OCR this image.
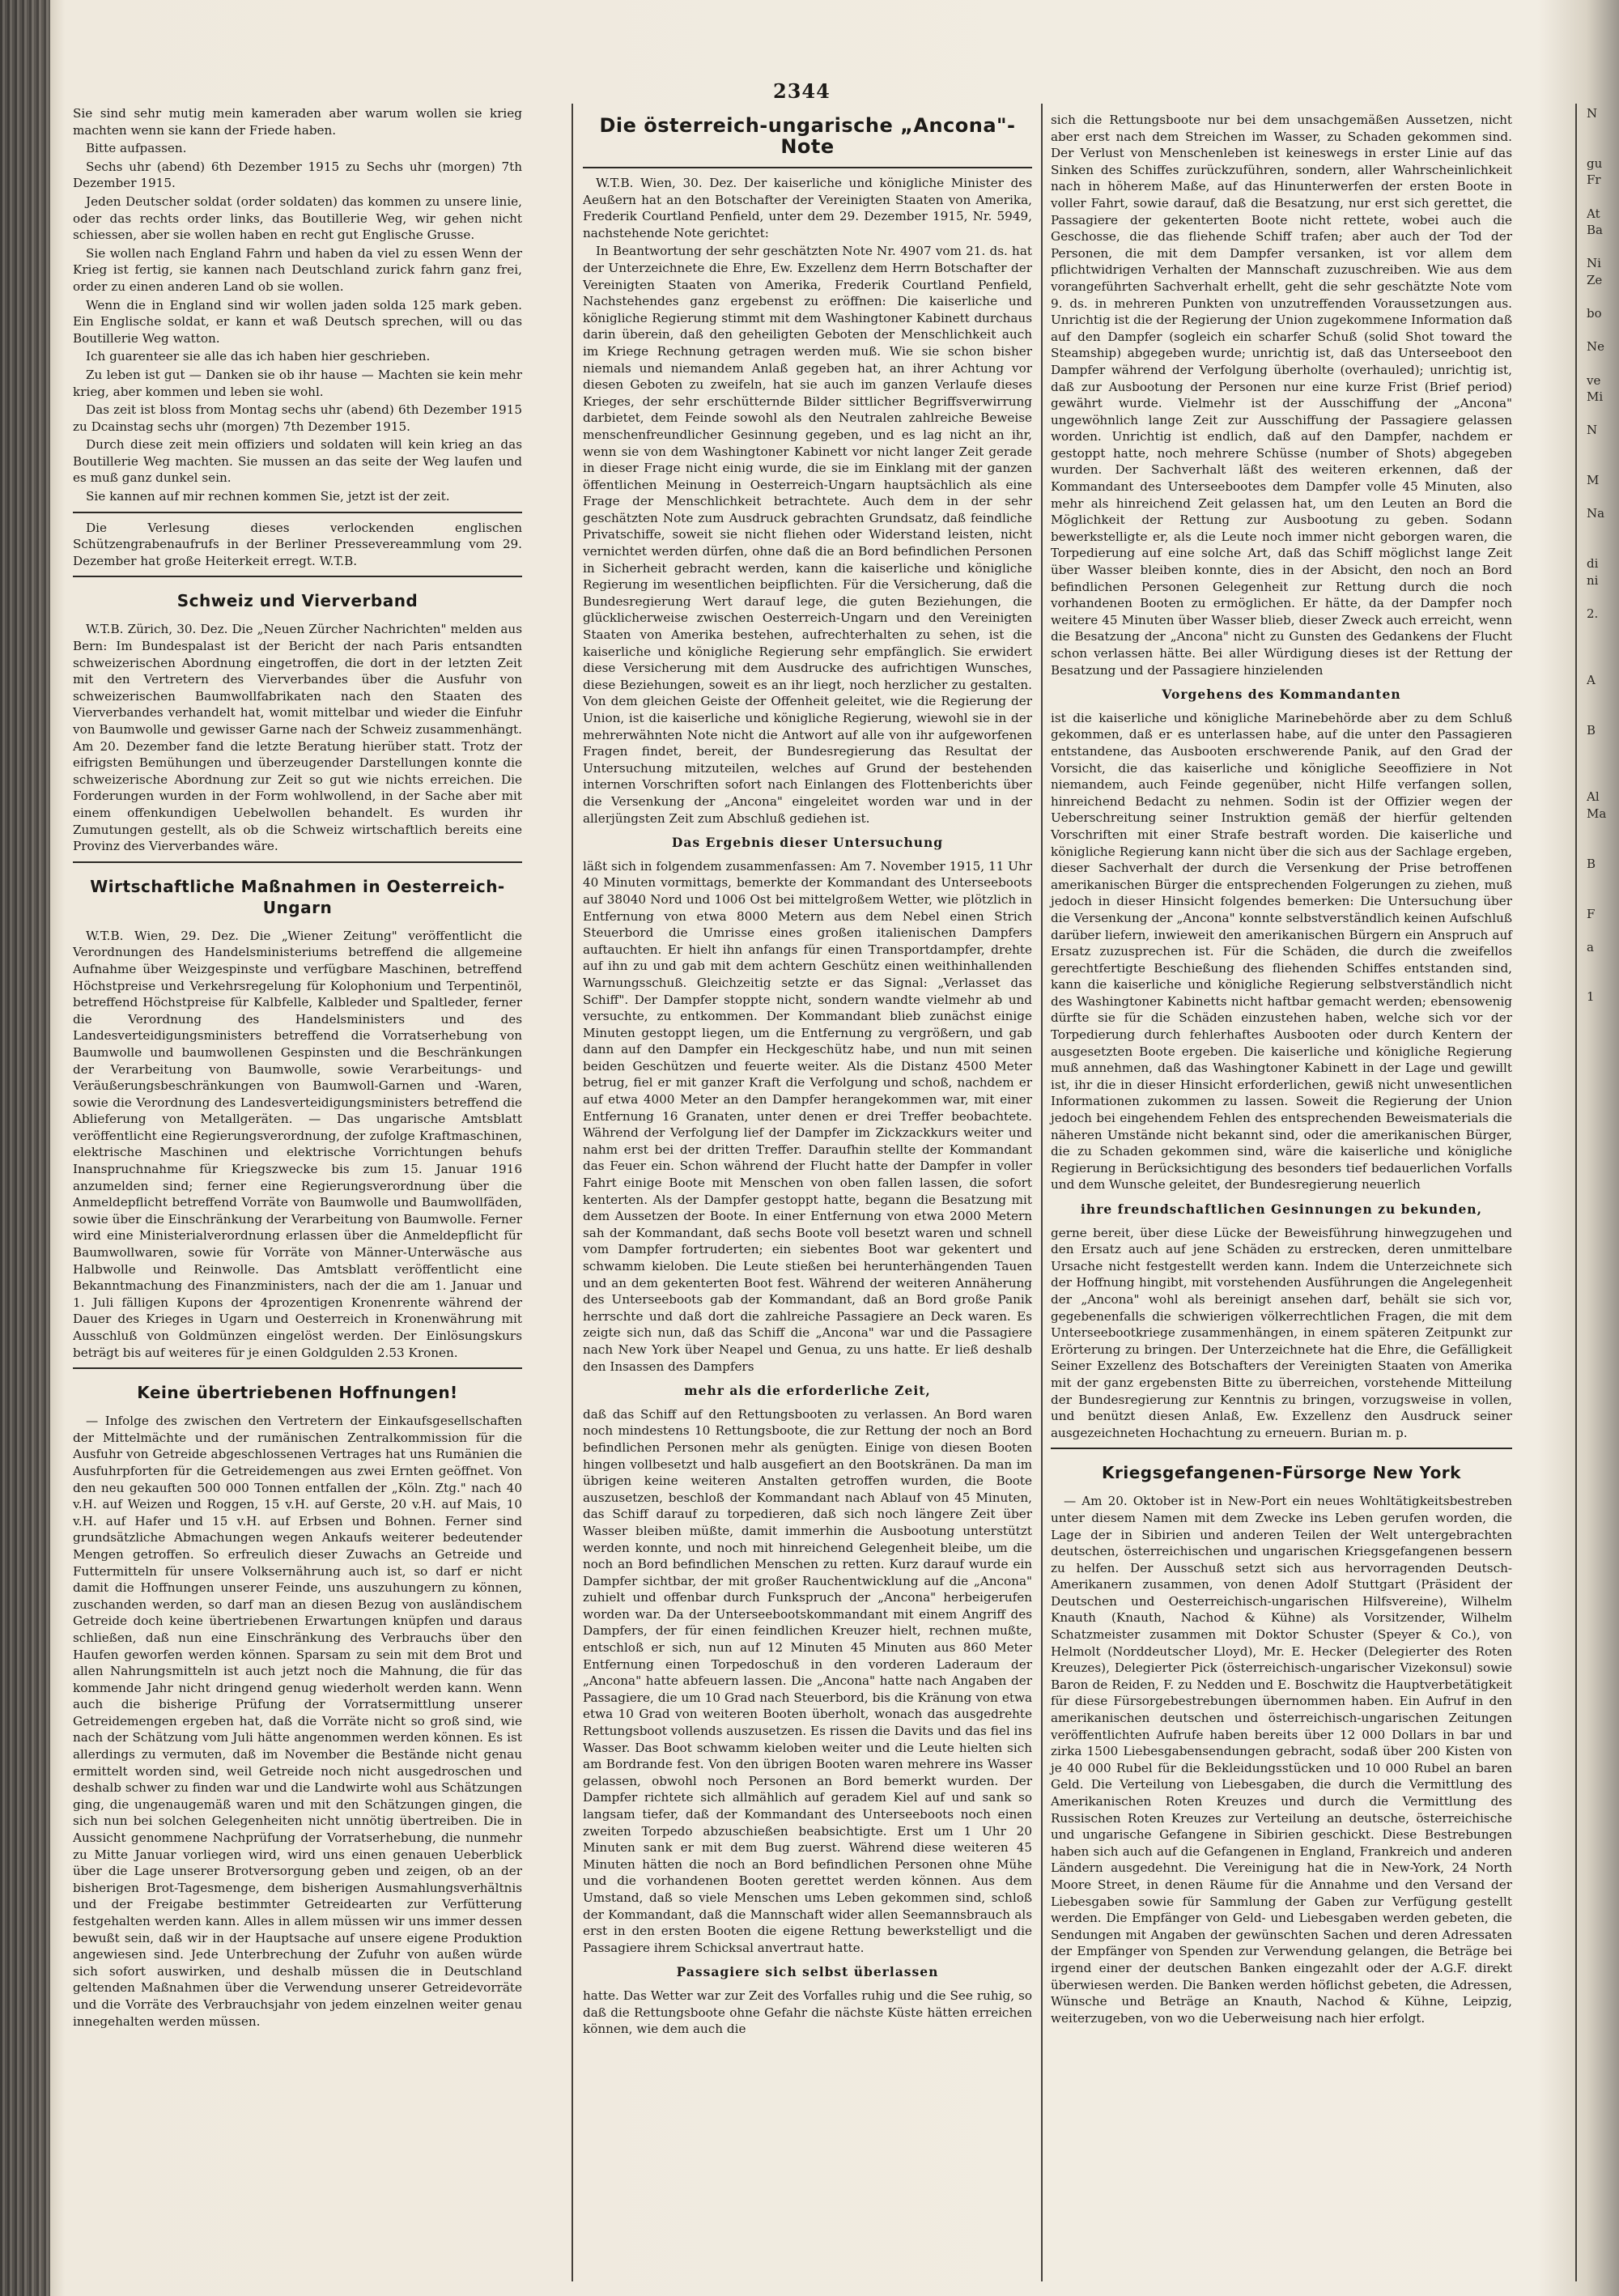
2344

Sie sind sehr mutig mein kameraden aber warum wollen sie krieg machten wenn sie kann der Friede haben.

Bitte aufpassen.

Sechs uhr (abend) 6th Dezember 1915 zu Sechs uhr (morgen) 7th Dezember 1915.

Jeden Deutscher soldat (order soldaten) das kommen zu unsere linie, oder das rechts order links, das Boutillerie Weg, wir gehen nicht schiessen, aber sie wollen haben en recht gut Englische Grusse.

Sie wollen nach England Fahrn und haben da viel zu essen Wenn der Krieg ist fertig, sie kannen nach Deutschland zurick fahrn ganz frei, order zu einen anderen Land ob sie wollen.

Wenn die in England sind wir wollen jaden solda 125 mark geben. Ein Englische soldat, er kann et waß Deutsch sprechen, will ou das Boutillerie Weg watton.

Ich guarenteer sie alle das ich haben hier geschrieben.

Zu leben ist gut — Danken sie ob ihr hause — Machten sie kein mehr krieg, aber kommen und leben sie wohl.

Das zeit ist bloss from Montag sechs uhr (abend) 6th Dezember 1915 zu Dcainstag sechs uhr (morgen) 7th Dezember 1915.

Durch diese zeit mein offiziers und soldaten will kein krieg an das Boutillerie Weg machten. Sie mussen an das seite der Weg laufen und es muß ganz dunkel sein.

Sie kannen auf mir rechnen kommen Sie, jetzt ist der zeit.

Die Verlesung dieses verlockenden englischen Schützengrabenaufrufs in der Berliner Pressevereammlung vom 29. Dezember hat große Heiterkeit erregt. W.T.B.

Schweiz und Vierverband

W.T.B. Zürich, 30. Dez. Die „Neuen Zürcher Nachrichten" melden aus Bern: Im Bundespalast ist der Bericht der nach Paris entsandten schweizerischen Abordnung eingetroffen, die dort in der letzten Zeit mit den Vertretern des Vierverbandes über die Ausfuhr von schweizerischen Baumwollfabrikaten nach den Staaten des Vierverbandes verhandelt hat, womit mittelbar und wieder die Einfuhr von Baumwolle und gewisser Garne nach der Schweiz zusammenhängt. Am 20. Dezember fand die letzte Beratung hierüber statt. Trotz der eifrigsten Bemühungen und überzeugender Darstellungen konnte die schweizerische Abordnung zur Zeit so gut wie nichts erreichen. Die Forderungen wurden in der Form wohlwollend, in der Sache aber mit einem offenkundigen Uebelwollen behandelt. Es wurden ihr Zumutungen gestellt, als ob die Schweiz wirtschaftlich bereits eine Provinz des Vierverbandes wäre.

Wirtschaftliche Maßnahmen in Oesterreich-Ungarn

W.T.B. Wien, 29. Dez. Die „Wiener Zeitung" veröffentlicht die Verordnungen des Handelsministeriums betreffend die allgemeine Aufnahme über Weizgespinste und verfügbare Maschinen, betreffend Höchstpreise und Verkehrsregelung für Kolophonium und Terpentinöl, betreffend Höchstpreise für Kalbfelle, Kalbleder und Spaltleder, ferner die Verordnung des Handelsministers und des Landesverteidigungsministers betreffend die Vorratserhebung von Baumwolle und baumwollenen Gespinsten und die Beschränkungen der Verarbeitung von Baumwolle, sowie Verarbeitungs- und Veräußerungsbeschränkungen von Baumwoll-Garnen und -Waren, sowie die Verordnung des Landesverteidigungsministers betreffend die Ablieferung von Metallgeräten. — Das ungarische Amtsblatt veröffentlicht eine Regierungsverordnung, der zufolge Kraftmaschinen, elektrische Maschinen und elektrische Vorrichtungen behufs Inanspruchnahme für Kriegszwecke bis zum 15. Januar 1916 anzumelden sind; ferner eine Regierungsverordnung über die Anmeldepflicht betreffend Vorräte von Baumwolle und Baumwollfäden, sowie über die Einschränkung der Verarbeitung von Baumwolle. Ferner wird eine Ministerialverordnung erlassen über die Anmeldepflicht für Baumwollwaren, sowie für Vorräte von Männer-Unterwäsche aus Halbwolle und Reinwolle. Das Amtsblatt veröffentlicht eine Bekanntmachung des Finanzministers, nach der die am 1. Januar und 1. Juli fälligen Kupons der 4prozentigen Kronenrente während der Dauer des Krieges in Ugarn und Oesterreich in Kronenwährung mit Ausschluß von Goldmünzen eingelöst werden. Der Einlösungskurs beträgt bis auf weiteres für je einen Goldgulden 2.53 Kronen.

Keine übertriebenen Hoffnungen!

— Infolge des zwischen den Vertretern der Einkaufsgesellschaften der Mittelmächte und der rumänischen Zentralkommission für die Ausfuhr von Getreide abgeschlossenen Vertrages hat uns Rumänien die Ausfuhrpforten für die Getreidemengen aus zwei Ernten geöffnet. Von den neu gekauften 500 000 Tonnen entfallen der „Köln. Ztg." nach 40 v.H. auf Weizen und Roggen, 15 v.H. auf Gerste, 20 v.H. auf Mais, 10 v.H. auf Hafer und 15 v.H. auf Erbsen und Bohnen. Ferner sind grundsätzliche Abmachungen wegen Ankaufs weiterer bedeutender Mengen getroffen. So erfreulich dieser Zuwachs an Getreide und Futtermitteln für unsere Volksernährung auch ist, so darf er nicht damit die Hoffnungen unserer Feinde, uns auszuhungern zu können, zuschanden werden, so darf man an diesen Bezug von ausländischem Getreide doch keine übertriebenen Erwartungen knüpfen und daraus schließen, daß nun eine Einschränkung des Verbrauchs über den Haufen geworfen werden können. Sparsam zu sein mit dem Brot und allen Nahrungsmitteln ist auch jetzt noch die Mahnung, die für das kommende Jahr nicht dringend genug wiederholt werden kann. Wenn auch die bisherige Prüfung der Vorratsermittlung unserer Getreidemengen ergeben hat, daß die Vorräte nicht so groß sind, wie nach der Schätzung vom Juli hätte angenommen werden können. Es ist allerdings zu vermuten, daß im November die Bestände nicht genau ermittelt worden sind, weil Getreide noch nicht ausgedroschen und deshalb schwer zu finden war und die Landwirte wohl aus Schätzungen ging, die ungenaugemäß waren und mit den Schätzungen gingen, die sich nun bei solchen Gelegenheiten nicht unnötig übertreiben. Die in Aussicht genommene Nachprüfung der Vorratserhebung, die nunmehr zu Mitte Januar vorliegen wird, wird uns einen genauen Ueberblick über die Lage unserer Brotversorgung geben und zeigen, ob an der bisherigen Brot-Tagesmenge, dem bisherigen Ausmahlungsverhältnis und der Freigabe bestimmter Getreidearten zur Verfütterung festgehalten werden kann. Alles in allem müssen wir uns immer dessen bewußt sein, daß wir in der Hauptsache auf unsere eigene Produktion angewiesen sind. Jede Unterbrechung der Zufuhr von außen würde sich sofort auswirken, und deshalb müssen die in Deutschland geltenden Maßnahmen über die Verwendung unserer Getreidevorräte und die Vorräte des Verbrauchsjahr von jedem einzelnen weiter genau innegehalten werden müssen.

Die österreich-ungarische „Ancona"-Note

W.T.B. Wien, 30. Dez. Der kaiserliche und königliche Minister des Aeußern hat an den Botschafter der Vereinigten Staaten von Amerika, Frederik Courtland Penfield, unter dem 29. Dezember 1915, Nr. 5949, nachstehende Note gerichtet:

In Beantwortung der sehr geschätzten Note Nr. 4907 vom 21. ds. hat der Unterzeichnete die Ehre, Ew. Exzellenz dem Herrn Botschafter der Vereinigten Staaten von Amerika, Frederik Courtland Penfield, Nachstehendes ganz ergebenst zu eröffnen: Die kaiserliche und königliche Regierung stimmt mit dem Washingtoner Kabinett durchaus darin überein, daß den geheiligten Geboten der Menschlichkeit auch im Kriege Rechnung getragen werden muß. Wie sie schon bisher niemals und niemandem Anlaß gegeben hat, an ihrer Achtung vor diesen Geboten zu zweifeln, hat sie auch im ganzen Verlaufe dieses Krieges, der sehr erschütternde Bilder sittlicher Begriffsverwirrung darbietet, dem Feinde sowohl als den Neutralen zahlreiche Beweise menschenfreundlicher Gesinnung gegeben, und es lag nicht an ihr, wenn sie von dem Washingtoner Kabinett vor nicht langer Zeit gerade in dieser Frage nicht einig wurde, die sie im Einklang mit der ganzen öffentlichen Meinung in Oesterreich-Ungarn hauptsächlich als eine Frage der Menschlichkeit betrachtete. Auch dem in der sehr geschätzten Note zum Ausdruck gebrachten Grundsatz, daß feindliche Privatschiffe, soweit sie nicht fliehen oder Widerstand leisten, nicht vernichtet werden dürfen, ohne daß die an Bord befindlichen Personen in Sicherheit gebracht werden, kann die kaiserliche und königliche Regierung im wesentlichen beipflichten. Für die Versicherung, daß die Bundesregierung Wert darauf lege, die guten Beziehungen, die glücklicherweise zwischen Oesterreich-Ungarn und den Vereinigten Staaten von Amerika bestehen, aufrechterhalten zu sehen, ist die kaiserliche und königliche Regierung sehr empfänglich. Sie erwidert diese Versicherung mit dem Ausdrucke des aufrichtigen Wunsches, diese Beziehungen, soweit es an ihr liegt, noch herzlicher zu gestalten. Von dem gleichen Geiste der Offenheit geleitet, wie die Regierung der Union, ist die kaiserliche und königliche Regierung, wiewohl sie in der mehrerwähnten Note nicht die Antwort auf alle von ihr aufgeworfenen Fragen findet, bereit, der Bundesregierung das Resultat der Untersuchung mitzuteilen, welches auf Grund der bestehenden internen Vorschriften sofort nach Einlangen des Flottenberichts über die Versenkung der „Ancona" eingeleitet worden war und in der allerjüngsten Zeit zum Abschluß gediehen ist.

Das Ergebnis dieser Untersuchung

läßt sich in folgendem zusammenfassen: Am 7. November 1915, 11 Uhr 40 Minuten vormittags, bemerkte der Kommandant des Unterseeboots auf 38040 Nord und 1006 Ost bei mittelgroßem Wetter, wie plötzlich in Entfernung von etwa 8000 Metern aus dem Nebel einen Strich Steuerbord die Umrisse eines großen italienischen Dampfers auftauchten. Er hielt ihn anfangs für einen Transportdampfer, drehte auf ihn zu und gab mit dem achtern Geschütz einen weithinhallenden Warnungsschuß. Gleichzeitig setzte er das Signal: „Verlasset das Schiff". Der Dampfer stoppte nicht, sondern wandte vielmehr ab und versuchte, zu entkommen. Der Kommandant blieb zunächst einige Minuten gestoppt liegen, um die Entfernung zu vergrößern, und gab dann auf den Dampfer ein Heckgeschütz habe, und nun mit seinen beiden Geschützen und feuerte weiter. Als die Distanz 4500 Meter betrug, fiel er mit ganzer Kraft die Verfolgung und schoß, nachdem er auf etwa 4000 Meter an den Dampfer herangekommen war, mit einer Entfernung 16 Granaten, unter denen er drei Treffer beobachtete. Während der Verfolgung lief der Dampfer im Zickzackkurs weiter und nahm erst bei der dritten Treffer. Daraufhin stellte der Kommandant das Feuer ein. Schon während der Flucht hatte der Dampfer in voller Fahrt einige Boote mit Menschen von oben fallen lassen, die sofort kenterten. Als der Dampfer gestoppt hatte, begann die Besatzung mit dem Aussetzen der Boote. In einer Entfernung von etwa 2000 Metern sah der Kommandant, daß sechs Boote voll besetzt waren und schnell vom Dampfer fortruderten; ein siebentes Boot war gekentert und schwamm kieloben. Die Leute stießen bei herunterhängenden Tauen und an dem gekenterten Boot fest. Während der weiteren Annäherung des Unterseeboots gab der Kommandant, daß an Bord große Panik herrschte und daß dort die zahlreiche Passagiere an Deck waren. Es zeigte sich nun, daß das Schiff die „Ancona" war und die Passagiere nach New York über Neapel und Genua, zu uns hatte. Er ließ deshalb den Insassen des Dampfers

mehr als die erforderliche Zeit,

daß das Schiff auf den Rettungsbooten zu verlassen. An Bord waren noch mindestens 10 Rettungsboote, die zur Rettung der noch an Bord befindlichen Personen mehr als genügten. Einige von diesen Booten hingen vollbesetzt und halb ausgefiert an den Bootskränen. Da man im übrigen keine weiteren Anstalten getroffen wurden, die Boote auszusetzen, beschloß der Kommandant nach Ablauf von 45 Minuten, das Schiff darauf zu torpedieren, daß sich noch längere Zeit über Wasser bleiben müßte, damit immerhin die Ausbootung unterstützt werden konnte, und noch mit hinreichend Gelegenheit bleibe, um die noch an Bord befindlichen Menschen zu retten. Kurz darauf wurde ein Dampfer sichtbar, der mit großer Rauchentwicklung auf die „Ancona" zuhielt und offenbar durch Funkspruch der „Ancona" herbeigerufen worden war. Da der Unterseebootskommandant mit einem Angriff des Dampfers, der für einen feindlichen Kreuzer hielt, rechnen mußte, entschloß er sich, nun auf 12 Minuten 45 Minuten aus 860 Meter Entfernung einen Torpedoschuß in den vorderen Laderaum der „Ancona" hatte abfeuern lassen. Die „Ancona" hatte nach Angaben der Passagiere, die um 10 Grad nach Steuerbord, bis die Kränung von etwa etwa 10 Grad von weiteren Booten überholt, wonach das ausgedrehte Rettungsboot vollends auszusetzen. Es rissen die Davits und das fiel ins Wasser. Das Boot schwamm kieloben weiter und die Leute hielten sich am Bordrande fest. Von den übrigen Booten waren mehrere ins Wasser gelassen, obwohl noch Personen an Bord bemerkt wurden. Der Dampfer richtete sich allmählich auf geradem Kiel auf und sank so langsam tiefer, daß der Kommandant des Unterseeboots noch einen zweiten Torpedo abzuschießen beabsichtigte. Erst um 1 Uhr 20 Minuten sank er mit dem Bug zuerst. Während diese weiteren 45 Minuten hätten die noch an Bord befindlichen Personen ohne Mühe und die vorhandenen Booten gerettet werden können. Aus dem Umstand, daß so viele Menschen ums Leben gekommen sind, schloß der Kommandant, daß die Mannschaft wider allen Seemannsbrauch als erst in den ersten Booten die eigene Rettung bewerkstelligt und die Passagiere ihrem Schicksal anvertraut hatte.

Passagiere sich selbst überlassen

hatte. Das Wetter war zur Zeit des Vorfalles ruhig und die See ruhig, so daß die Rettungsboote ohne Gefahr die nächste Küste hätten erreichen können, wie dem auch die

sich die Rettungsboote nur bei dem unsachgemäßen Aussetzen, nicht aber erst nach dem Streichen im Wasser, zu Schaden gekommen sind. Der Verlust von Menschenleben ist keineswegs in erster Linie auf das Sinken des Schiffes zurückzuführen, sondern, aller Wahrscheinlichkeit nach in höherem Maße, auf das Hinunterwerfen der ersten Boote in voller Fahrt, sowie darauf, daß die Besatzung, nur erst sich gerettet, die Passagiere der gekenterten Boote nicht rettete, wobei auch die Geschosse, die das fliehende Schiff trafen; aber auch der Tod der Personen, die mit dem Dampfer versanken, ist vor allem dem pflichtwidrigen Verhalten der Mannschaft zuzuschreiben. Wie aus dem vorangeführten Sachverhalt erhellt, geht die sehr geschätzte Note vom 9. ds. in mehreren Punkten von unzutreffenden Voraussetzungen aus. Unrichtig ist die der Regierung der Union zugekommene Information daß auf den Dampfer (sogleich ein scharfer Schuß (solid Shot toward the Steamship) abgegeben wurde; unrichtig ist, daß das Unterseeboot den Dampfer während der Verfolgung überholte (overhauled); unrichtig ist, daß zur Ausbootung der Personen nur eine kurze Frist (Brief period) gewährt wurde. Vielmehr ist der Ausschiffung der „Ancona" ungewöhnlich lange Zeit zur Ausschiffung der Passagiere gelassen worden. Unrichtig ist endlich, daß auf den Dampfer, nachdem er gestoppt hatte, noch mehrere Schüsse (number of Shots) abgegeben wurden. Der Sachverhalt läßt des weiteren erkennen, daß der Kommandant des Unterseebootes dem Dampfer volle 45 Minuten, also mehr als hinreichend Zeit gelassen hat, um den Leuten an Bord die Möglichkeit der Rettung zur Ausbootung zu geben. Sodann bewerkstelligte er, als die Leute noch immer nicht geborgen waren, die Torpedierung auf eine solche Art, daß das Schiff möglichst lange Zeit über Wasser bleiben konnte, dies in der Absicht, den noch an Bord befindlichen Personen Gelegenheit zur Rettung durch die noch vorhandenen Booten zu ermöglichen. Er hätte, da der Dampfer noch weitere 45 Minuten über Wasser blieb, dieser Zweck auch erreicht, wenn die Besatzung der „Ancona" nicht zu Gunsten des Gedankens der Flucht schon verlassen hätte. Bei aller Würdigung dieses ist der Rettung der Besatzung und der Passagiere hinzielenden

Vorgehens des Kommandanten

ist die kaiserliche und königliche Marinebehörde aber zu dem Schluß gekommen, daß er es unterlassen habe, auf die unter den Passagieren entstandene, das Ausbooten erschwerende Panik, auf den Grad der Vorsicht, die das kaiserliche und königliche Seeoffiziere in Not niemandem, auch Feinde gegenüber, nicht Hilfe verfangen sollen, hinreichend Bedacht zu nehmen. Sodin ist der Offizier wegen der Ueberschreitung seiner Instruktion gemäß der hierfür geltenden Vorschriften mit einer Strafe bestraft worden. Die kaiserliche und königliche Regierung kann nicht über die sich aus der Sachlage ergeben, dieser Sachverhalt der durch die Versenkung der Prise betroffenen amerikanischen Bürger die entsprechenden Folgerungen zu ziehen, muß jedoch in dieser Hinsicht folgendes bemerken: Die Untersuchung über die Versenkung der „Ancona" konnte selbstverständlich keinen Aufschluß darüber liefern, inwieweit den amerikanischen Bürgern ein Anspruch auf Ersatz zuzusprechen ist. Für die Schäden, die durch die zweifellos gerechtfertigte Beschießung des fliehenden Schiffes entstanden sind, kann die kaiserliche und königliche Regierung selbstverständlich nicht des Washingtoner Kabinetts nicht haftbar gemacht werden; ebensowenig dürfte sie für die Schäden einzustehen haben, welche sich vor der Torpedierung durch fehlerhaftes Ausbooten oder durch Kentern der ausgesetzten Boote ergeben. Die kaiserliche und königliche Regierung muß annehmen, daß das Washingtoner Kabinett in der Lage und gewillt ist, ihr die in dieser Hinsicht erforderlichen, gewiß nicht unwesentlichen Informationen zukommen zu lassen. Soweit die Regierung der Union jedoch bei eingehendem Fehlen des entsprechenden Beweismaterials die näheren Umstände nicht bekannt sind, oder die amerikanischen Bürger, die zu Schaden gekommen sind, wäre die kaiserliche und königliche Regierung in Berücksichtigung des besonders tief bedauerlichen Vorfalls und dem Wunsche geleitet, der Bundesregierung neuerlich

ihre freundschaftlichen Gesinnungen zu bekunden,

gerne bereit, über diese Lücke der Beweisführung hinwegzugehen und den Ersatz auch auf jene Schäden zu erstrecken, deren unmittelbare Ursache nicht festgestellt werden kann. Indem die Unterzeichnete sich der Hoffnung hingibt, mit vorstehenden Ausführungen die Angelegenheit der „Ancona" wohl als bereinigt ansehen darf, behält sie sich vor, gegebenenfalls die schwierigen völkerrechtlichen Fragen, die mit dem Unterseebootkriege zusammenhängen, in einem späteren Zeitpunkt zur Erörterung zu bringen. Der Unterzeichnete hat die Ehre, die Gefälligkeit Seiner Exzellenz des Botschafters der Vereinigten Staaten von Amerika mit der ganz ergebensten Bitte zu überreichen, vorstehende Mitteilung der Bundesregierung zur Kenntnis zu bringen, vorzugsweise in vollen, und benützt diesen Anlaß, Ew. Exzellenz den Ausdruck seiner ausgezeichneten Hochachtung zu erneuern. Burian m. p.

Kriegsgefangenen-Fürsorge New York

— Am 20. Oktober ist in New-Port ein neues Wohltätigkeitsbestreben unter diesem Namen mit dem Zwecke ins Leben gerufen worden, die Lage der in Sibirien und anderen Teilen der Welt untergebrachten deutschen, österreichischen und ungarischen Kriegsgefangenen bessern zu helfen. Der Ausschuß setzt sich aus hervorragenden Deutsch-Amerikanern zusammen, von denen Adolf Stuttgart (Präsident der Deutschen und Oesterreichisch-ungarischen Hilfsvereine), Wilhelm Knauth (Knauth, Nachod & Kühne) als Vorsitzender, Wilhelm Schatzmeister zusammen mit Doktor Schuster (Speyer & Co.), von Helmolt (Norddeutscher Lloyd), Mr. E. Hecker (Delegierter des Roten Kreuzes), Delegierter Pick (österreichisch-ungarischer Vizekonsul) sowie Baron de Reiden, F. zu Nedden und E. Boschwitz die Hauptverbetätigkeit für diese Fürsorgebestrebungen übernommen haben. Ein Aufruf in den amerikanischen deutschen und österreichisch-ungarischen Zeitungen veröffentlichten Aufrufe haben bereits über 12 000 Dollars in bar und zirka 1500 Liebesgabensendungen gebracht, sodaß über 200 Kisten von je 40 000 Rubel für die Bekleidungsstücken und 10 000 Rubel an baren Geld. Die Verteilung von Liebesgaben, die durch die Vermittlung des Amerikanischen Roten Kreuzes und durch die Vermittlung des Russischen Roten Kreuzes zur Verteilung an deutsche, österreichische und ungarische Gefangene in Sibirien geschickt. Diese Bestrebungen haben sich auch auf die Gefangenen in England, Frankreich und anderen Ländern ausgedehnt. Die Vereinigung hat die in New-York, 24 North Moore Street, in denen Räume für die Annahme und den Versand der Liebesgaben sowie für Sammlung der Gaben zur Verfügung gestellt werden. Die Empfänger von Geld- und Liebesgaben werden gebeten, die Sendungen mit Angaben der gewünschten Sachen und deren Adressaten der Empfänger von Spenden zur Verwendung gelangen, die Beträge bei irgend einer der deutschen Banken eingezahlt oder der A.G.F. direkt überwiesen werden. Die Banken werden höflichst gebeten, die Adressen, Wünsche und Beträge an Knauth, Nachod & Kühne, Leipzig, weiterzugeben, von wo die Ueberweisung nach hier erfolgt.

N

gu
Fr

At
Ba

Ni
Ze

bo

Ne

ve
Mi

N

M

Na

di
ni

2.

A

B

Al
Ma

B

F

a

1
